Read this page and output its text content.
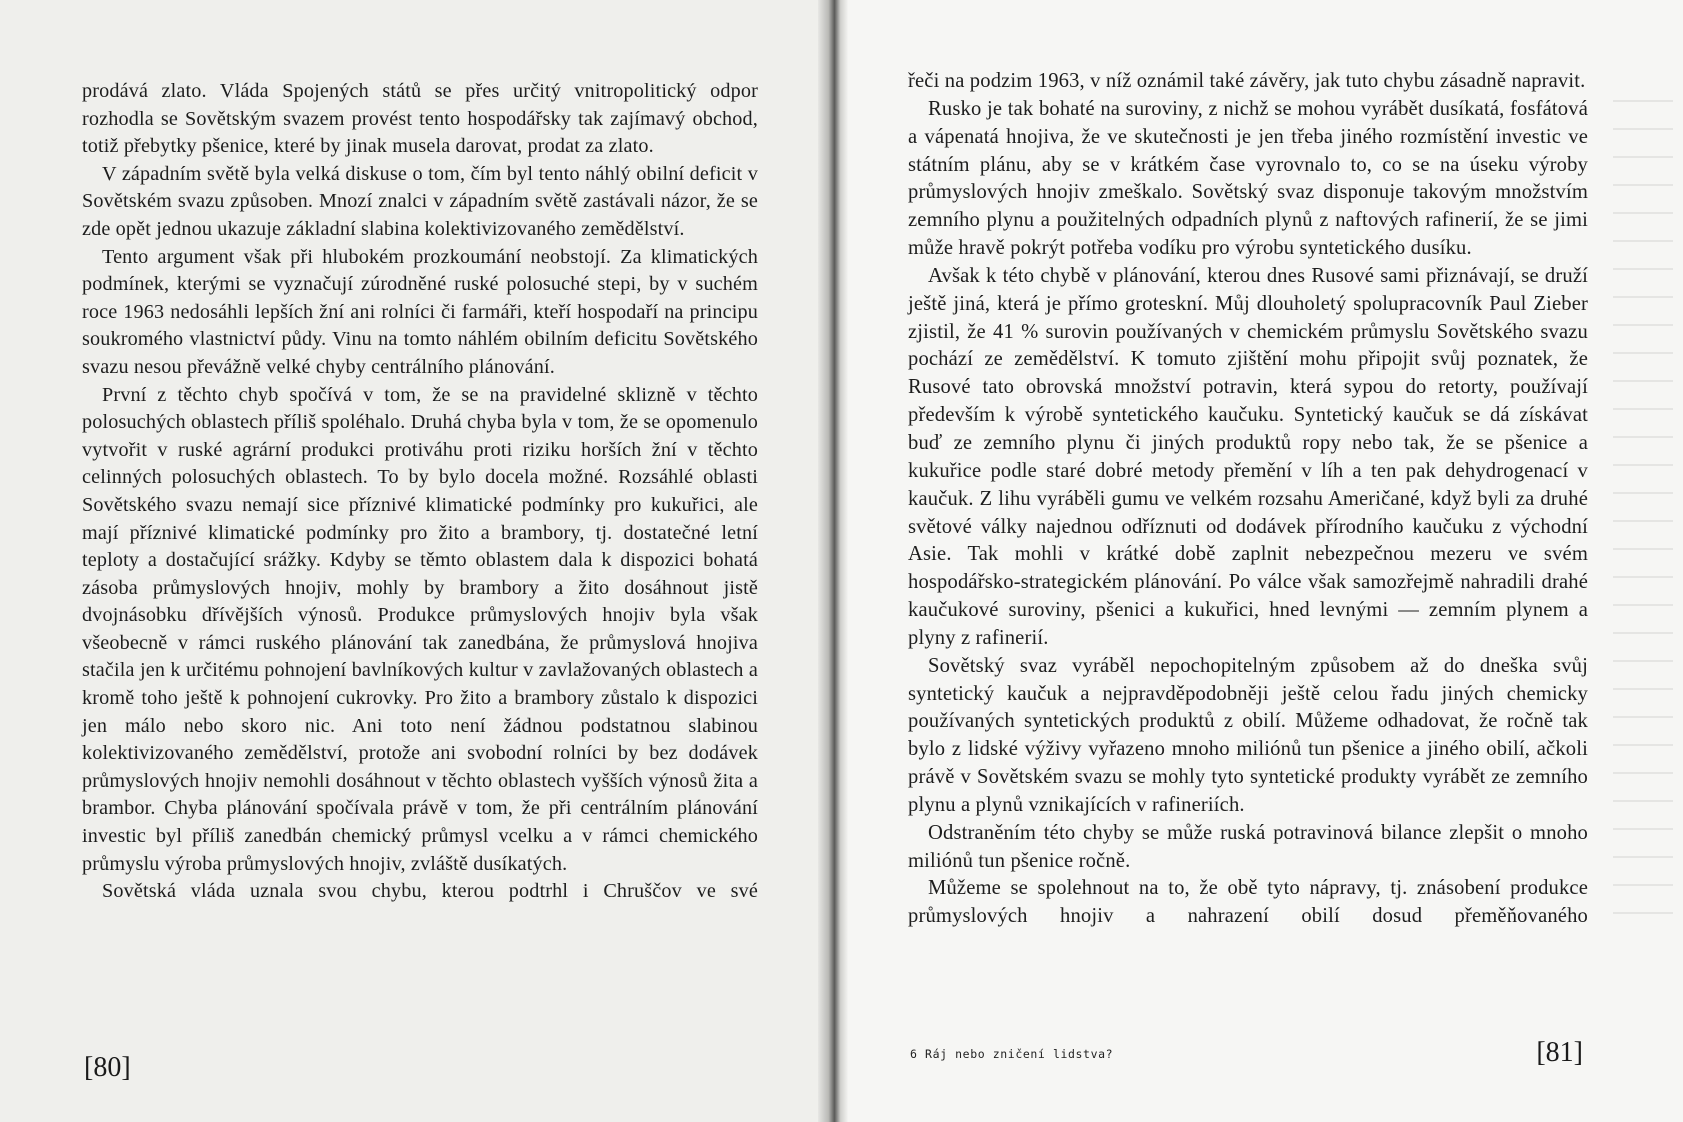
prodává zlato. Vláda Spojených států se přes určitý vnitropolitický odpor rozhodla se Sovětským svazem provést tento hospodářsky tak zajímavý obchod, totiž přebytky pšenice, které by jinak musela darovat, prodat za zlato.

V západním světě byla velká diskuse o tom, čím byl tento náhlý obilní deficit v Sovětském svazu způsoben. Mnozí znalci v západním světě zastávali názor, že se zde opět jednou ukazuje základní slabina kolektivizovaného zemědělství.

Tento argument však při hlubokém prozkoumání neobstojí. Za klimatických podmínek, kterými se vyznačují zúrodněné ruské polosuché stepi, by v suchém roce 1963 nedosáhli lepších žní ani rolníci či farmáři, kteří hospodaří na principu soukromého vlastnictví půdy. Vinu na tomto náhlém obilním deficitu Sovětského svazu nesou převážně velké chyby centrálního plánování.

První z těchto chyb spočívá v tom, že se na pravidelné sklizně v těchto polosuchých oblastech příliš spoléhalo. Druhá chyba byla v tom, že se opomenulo vytvořit v ruské agrární produkci protiváhu proti riziku horších žní v těchto celinných polosuchých oblastech. To by bylo docela možné. Rozsáhlé oblasti Sovětského svazu nemají sice příznivé klimatické podmínky pro kukuřici, ale mají příznivé klimatické podmínky pro žito a brambory, tj. dostatečné letní teploty a dostačující srážky. Kdyby se těmto oblastem dala k dispozici bohatá zásoba průmyslových hnojiv, mohly by brambory a žito dosáhnout jistě dvojnásobku dřívějších výnosů. Produkce průmyslových hnojiv byla však všeobecně v rámci ruského plánování tak zanedbána, že průmyslová hnojiva stačila jen k určitému pohnojení bavlníkových kultur v zavlažovaných oblastech a kromě toho ještě k pohnojení cukrovky. Pro žito a brambory zůstalo k dispozici jen málo nebo skoro nic. Ani toto není žádnou podstatnou slabinou kolektivizovaného zemědělství, protože ani svobodní rolníci by bez dodávek průmyslových hnojiv nemohli dosáhnout v těchto oblastech vyšších výnosů žita a brambor. Chyba plánování spočívala právě v tom, že při centrálním plánování investic byl příliš zanedbán chemický průmysl vcelku a v rámci chemického průmyslu výroba průmyslových hnojiv, zvláště dusíkatých.

Sovětská vláda uznala svou chybu, kterou podtrhl i Chruščov ve své

[80]

řeči na podzim 1963, v níž oznámil také závěry, jak tuto chybu zásadně napravit.

Rusko je tak bohaté na suroviny, z nichž se mohou vyrábět dusíkatá, fosfátová a vápenatá hnojiva, že ve skutečnosti je jen třeba jiného rozmístění investic ve státním plánu, aby se v krátkém čase vyrovnalo to, co se na úseku výroby průmyslových hnojiv zmeškalo. Sovětský svaz disponuje takovým množstvím zemního plynu a použitelných odpadních plynů z naftových rafinerií, že se jimi může hravě pokrýt potřeba vodíku pro výrobu syntetického dusíku.

Avšak k této chybě v plánování, kterou dnes Rusové sami přiznávají, se druží ještě jiná, která je přímo groteskní. Můj dlouholetý spolupracovník Paul Zieber zjistil, že 41 % surovin používaných v chemickém průmyslu Sovětského svazu pochází ze zemědělství. K tomuto zjištění mohu připojit svůj poznatek, že Rusové tato obrovská množství potravin, která sypou do retorty, používají především k výrobě syntetického kaučuku. Syntetický kaučuk se dá získávat buď ze zemního plynu či jiných produktů ropy nebo tak, že se pšenice a kukuřice podle staré dobré metody přemění v líh a ten pak dehydrogenací v kaučuk. Z lihu vyráběli gumu ve velkém rozsahu Američané, když byli za druhé světové války najednou odříznuti od dodávek přírodního kaučuku z východní Asie. Tak mohli v krátké době zaplnit nebezpečnou mezeru ve svém hospodářsko-strategickém plánování. Po válce však samozřejmě nahradili drahé kaučukové suroviny, pšenici a kukuřici, hned levnými — zemním plynem a plyny z rafinerií.

Sovětský svaz vyráběl nepochopitelným způsobem až do dneška svůj syntetický kaučuk a nejpravděpodobněji ještě celou řadu jiných chemicky používaných syntetických produktů z obilí. Můžeme odhadovat, že ročně tak bylo z lidské výživy vyřazeno mnoho miliónů tun pšenice a jiného obilí, ačkoli právě v Sovětském svazu se mohly tyto syntetické produkty vyrábět ze zemního plynu a plynů vznikajících v rafineriích.

Odstraněním této chyby se může ruská potravinová bilance zlepšit o mnoho miliónů tun pšenice ročně.

Můžeme se spolehnout na to, že obě tyto nápravy, tj. znásobení produkce průmyslových hnojiv a nahrazení obilí dosud přeměňovaného

6 Ráj nebo zničení lidstva?	[81]
